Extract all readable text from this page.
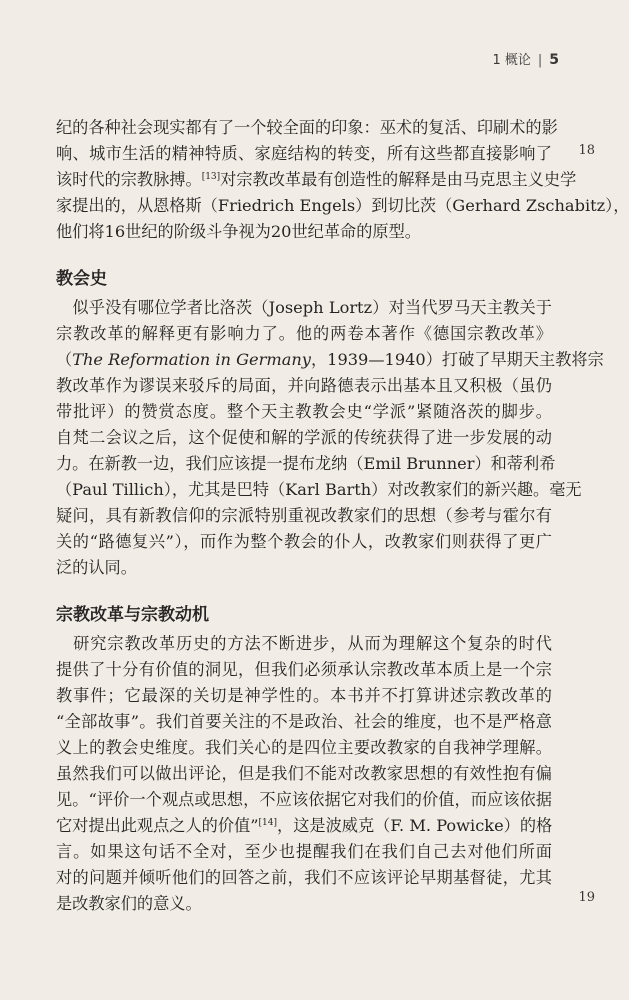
1 概论 | 5
18
19
纪的各种社会现实都有了一个较全面的印象：巫术的复活、印刷术的影
响、城市生活的精神特质、家庭结构的转变，所有这些都直接影响了
该时代的宗教脉搏。[13]对宗教改革最有创造性的解释是由马克思主义史学
家提出的，从恩格斯（Friedrich Engels）到切比茨（Gerhard Zschabitz），
他们将16世纪的阶级斗争视为20世纪革命的原型。
教会史
　似乎没有哪位学者比洛茨（Joseph Lortz）对当代罗马天主教关于
宗教改革的解释更有影响力了。他的两卷本著作《德国宗教改革》
（The Reformation in Germany，1939—1940）打破了早期天主教将宗
教改革作为谬误来驳斥的局面，并向路德表示出基本且又积极（虽仍
带批评）的赞赏态度。整个天主教教会史“学派”紧随洛茨的脚步。
自梵二会议之后，这个促使和解的学派的传统获得了进一步发展的动
力。在新教一边，我们应该提一提布龙纳（Emil Brunner）和蒂利希
（Paul Tillich），尤其是巴特（Karl Barth）对改教家们的新兴趣。毫无
疑问，具有新教信仰的宗派特别重视改教家们的思想（参考与霍尔有
关的“路德复兴”），而作为整个教会的仆人，改教家们则获得了更广
泛的认同。
宗教改革与宗教动机
　研究宗教改革历史的方法不断进步，从而为理解这个复杂的时代
提供了十分有价值的洞见，但我们必须承认宗教改革本质上是一个宗
教事件；它最深的关切是神学性的。本书并不打算讲述宗教改革的
“全部故事”。我们首要关注的不是政治、社会的维度，也不是严格意
义上的教会史维度。我们关心的是四位主要改教家的自我神学理解。
虽然我们可以做出评论，但是我们不能对改教家思想的有效性抱有偏
见。“评价一个观点或思想，不应该依据它对我们的价值，而应该依据
它对提出此观点之人的价值”[14]，这是波威克（F. M. Powicke）的格
言。如果这句话不全对，至少也提醒我们在我们自己去对他们所面
对的问题并倾听他们的回答之前，我们不应该评论早期基督徒，尤其
是改教家们的意义。
